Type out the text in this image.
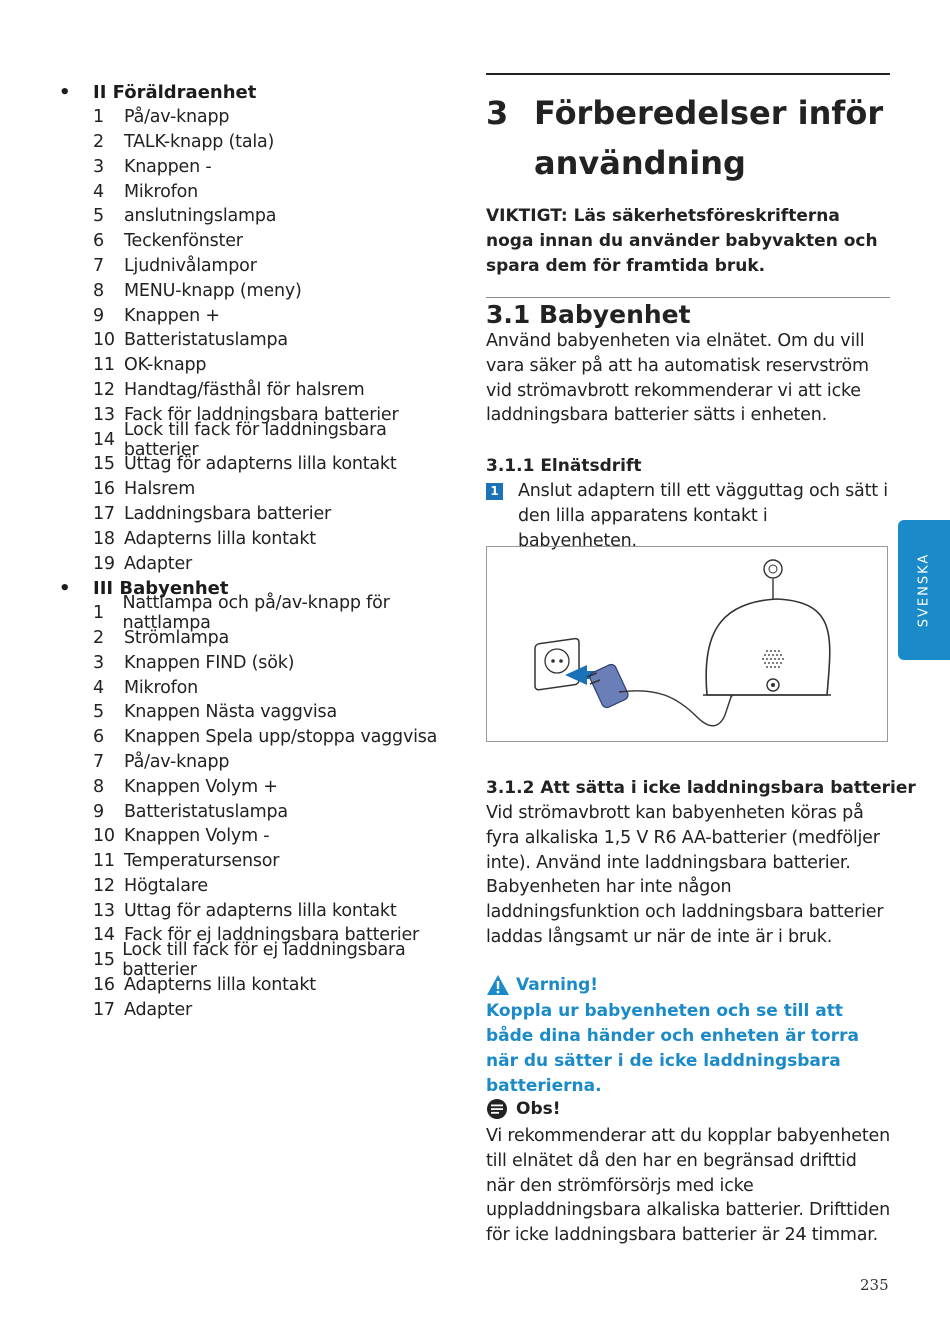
•	II Föräldraenhet
1	På/av-knapp
2	TALK-knapp (tala)
3	Knappen -
4	Mikrofon
5	anslutningslampa
6	Teckenfönster
7	Ljudnivålampor
8	MENU-knapp (meny)
9	Knappen +
10 Batteristatuslampa
11 OK-knapp
12 Handtag/fästhål för halsrem
13 Fack för laddningsbara batterier
14 Lock till fack för laddningsbara batterier
15 Uttag för adapterns lilla kontakt
16 Halsrem
17 Laddningsbara batterier
18 Adapterns lilla kontakt
19 Adapter
•	III Babyenhet
1	Nattlampa och på/av-knapp för nattlampa
2	Strömlampa
3	Knappen FIND (sök)
4	Mikrofon
5	Knappen Nästa vaggvisa
6	Knappen Spela upp/stoppa vaggvisa
7	På/av-knapp
8	Knappen Volym +
9	Batteristatuslampa
10 Knappen Volym -
11 Temperatursensor
12 Högtalare
13 Uttag för adapterns lilla kontakt
14 Fack för ej laddningsbara batterier
15 Lock till fack för ej laddningsbara batterier
16 Adapterns lilla kontakt
17 Adapter
3 Förberedelser inför användning
VIKTIGT: Läs säkerhetsföreskrifterna noga innan du använder babyvakten och spara dem för framtida bruk.
3.1 Babyenhet
Använd babyenheten via elnätet. Om du vill vara säker på att ha automatisk reservström vid strömavbrott rekommenderar vi att icke laddningsbara batterier sätts i enheten.
3.1.1 Elnätsdrift
1 Anslut adaptern till ett vägguttag och sätt i den lilla apparatens kontakt i babyenheten.
3.1.2 Att sätta i icke laddningsbara batterier
Vid strömavbrott kan babyenheten köras på fyra alkaliska 1,5 V R6 AA-batterier (medföljer inte). Använd inte laddningsbara batterier. Babyenheten har inte någon laddningsfunktion och laddningsbara batterier laddas långsamt ur när de inte är i bruk.
Varning!
Koppla ur babyenheten och se till att både dina händer och enheten är torra när du sätter i de icke laddningsbara batterierna.
Obs!
Vi rekommenderar att du kopplar babyenheten till elnätet då den har en begränsad drifttid när den strömförsörjs med icke uppladdningsbara alkaliska batterier. Drifttiden för icke laddningsbara batterier är 24 timmar.
SVENSKA
235
